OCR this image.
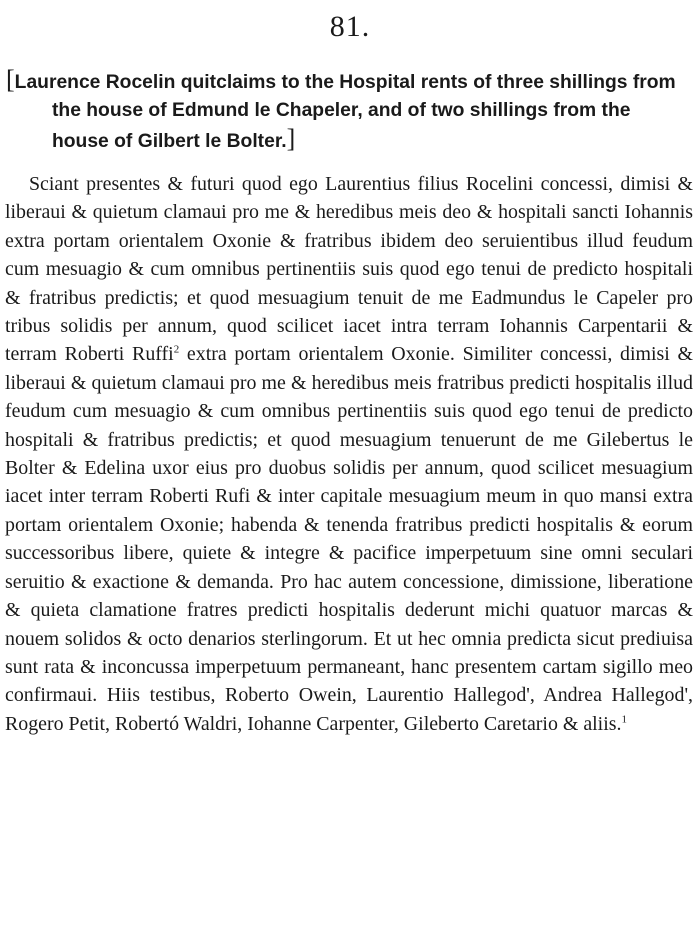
81.
[Laurence Rocelin quitclaims to the Hospital rents of three shillings from the house of Edmund le Chapeler, and of two shillings from the house of Gilbert le Bolter.]

Sciant presentes & futuri quod ego Laurentius filius Rocelini concessi, dimisi & liberaui & quietum clamaui pro me & heredibus meis deo & hospitali sancti Iohannis extra portam orientalem Oxonie & fratribus ibidem deo seruientibus illud feudum cum mesuagio & cum omnibus pertinentiis suis quod ego tenui de predicto hospitali & fratribus predictis; et quod mesuagium tenuit de me Eadmundus le Capeler pro tribus solidis per annum, quod scilicet iacet intra terram Iohannis Carpentarii & terram Roberti Ruffi$^2$ extra portam orientalem Oxonie. Similiter concessi, dimisi & liberaui & quietum clamaui pro me & heredibus meis fratribus predicti hospitalis illud feudum cum mesuagio & cum omnibus pertinentiis suis quod ego tenui de predicto hospitali & fratribus predictis; et quod mesuagium tenuerunt de me Gilebertus le Bolter & Edelina uxor eius pro duobus solidis per annum, quod scilicet mesuagium iacet inter terram Roberti Rufi & inter capitale mesuagium meum in quo mansi extra portam orientalem Oxonie; habenda & tenenda fratribus predicti hospitalis & eorum successoribus libere, quiete & integre & pacifice imperpetuum sine omni seculari seruitio & exactione & demanda. Pro hac autem concessione, dimissione, liberatione & quieta clamatione fratres predicti hospitalis dederunt michi quatuor marcas & nouem solidos & octo denarios sterlingorum. Et ut hec omnia predicta sicut prediuisa sunt rata & inconcussa imperpetuum permaneant, hanc presentem cartam sigillo meo confirmaui. Hiis testibus, Roberto Owein, Laurentio Hallegod', Andrea Hallegod', Rogero Petit, Robertó Waldri, Iohanne Carpenter, Gileberto Caretario & aliis.$^1$
